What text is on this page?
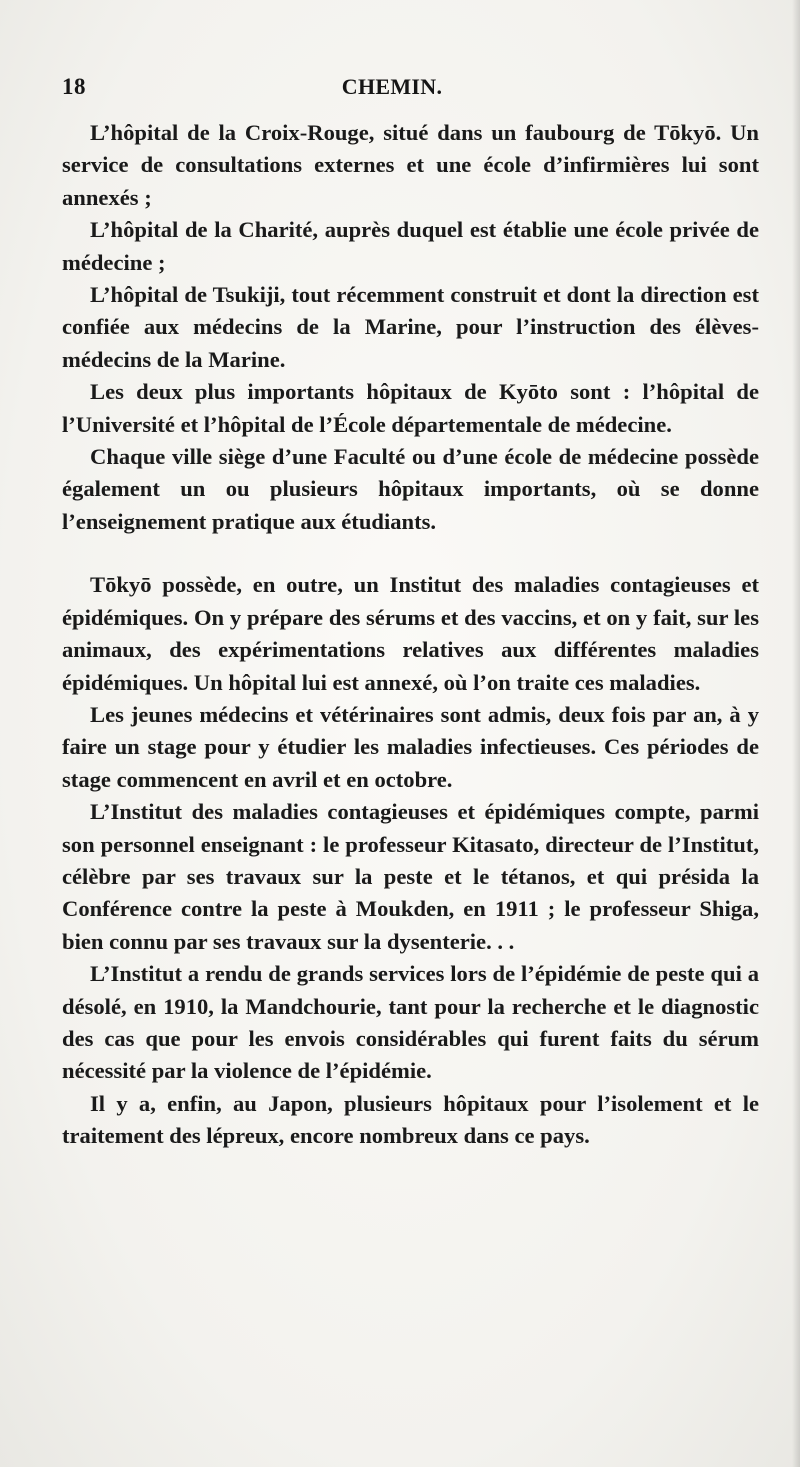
18	CHEMIN.

L’hôpital de la Croix-Rouge, situé dans un faubourg de Tōkyō. Un service de consultations externes et une école d’infirmières lui sont annexés ;

L’hôpital de la Charité, auprès duquel est établie une école privée de médecine ;

L’hôpital de Tsukiji, tout récemment construit et dont la direction est confiée aux médecins de la Marine, pour l’instruction des élèves-médecins de la Marine.

Les deux plus importants hôpitaux de Kyōto sont : l’hôpital de l’Université et l’hôpital de l’École départementale de médecine.

Chaque ville siège d’une Faculté ou d’une école de médecine possède également un ou plusieurs hôpitaux importants, où se donne l’enseignement pratique aux étudiants.

Tōkyō possède, en outre, un Institut des maladies contagieuses et épidémiques. On y prépare des sérums et des vaccins, et on y fait, sur les animaux, des expérimentations relatives aux différentes maladies épidémiques. Un hôpital lui est annexé, où l’on traite ces maladies.

Les jeunes médecins et vétérinaires sont admis, deux fois par an, à y faire un stage pour y étudier les maladies infectieuses. Ces périodes de stage commencent en avril et en octobre.

L’Institut des maladies contagieuses et épidémiques compte, parmi son personnel enseignant : le professeur Kitasato, directeur de l’Institut, célèbre par ses travaux sur la peste et le tétanos, et qui présida la Conférence contre la peste à Moukden, en 1911 ; le professeur Shiga, bien connu par ses travaux sur la dysenterie. . .

L’Institut a rendu de grands services lors de l’épidémie de peste qui a désolé, en 1910, la Mandchourie, tant pour la recherche et le diagnostic des cas que pour les envois considérables qui furent faits du sérum nécessité par la violence de l’épidémie.

Il y a, enfin, au Japon, plusieurs hôpitaux pour l’isolement et le traitement des lépreux, encore nombreux dans ce pays.
